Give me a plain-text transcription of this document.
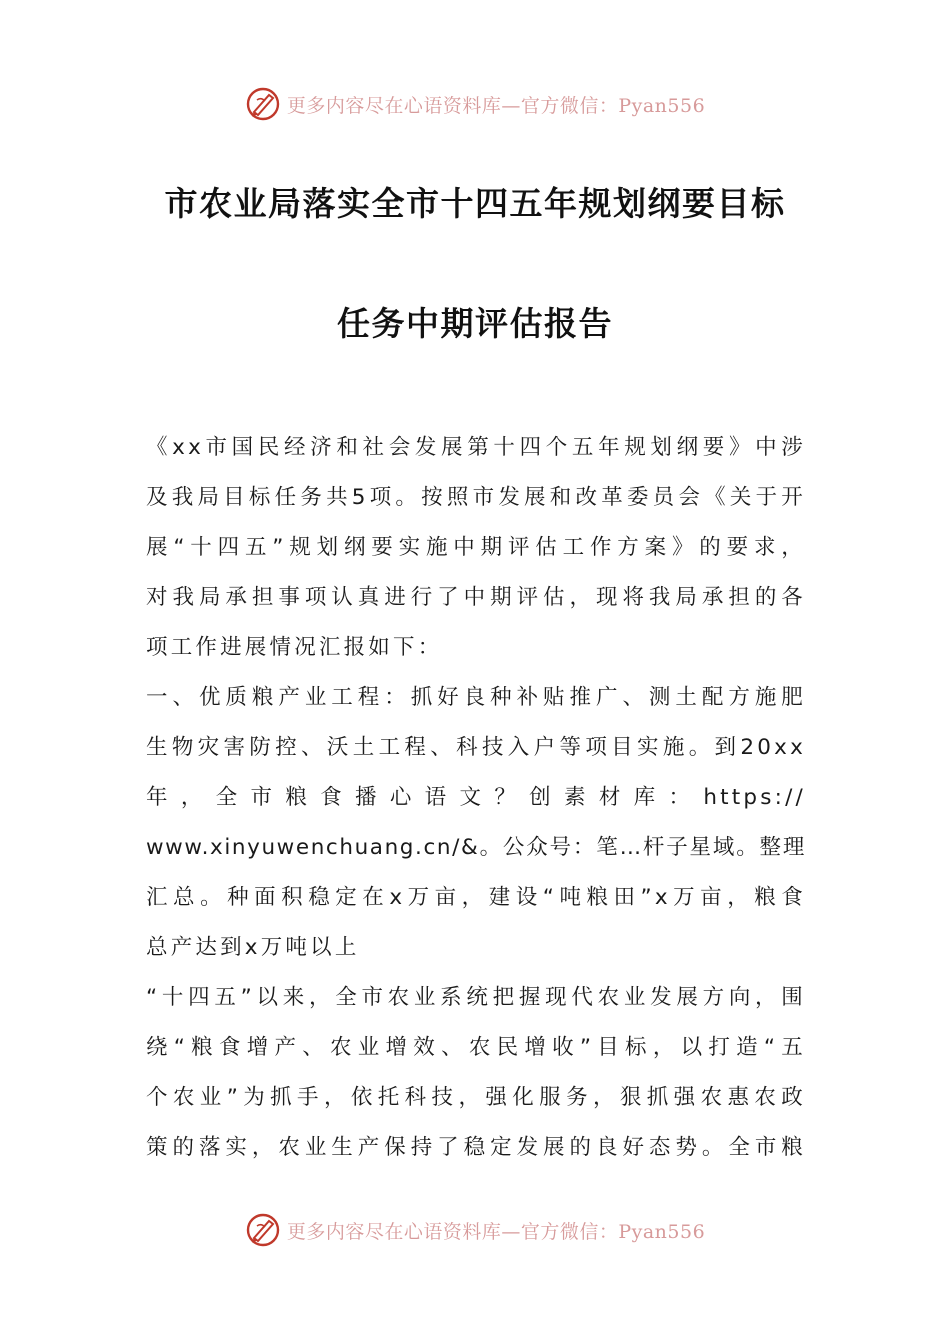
更多内容尽在心语资料库—官方微信：Pyan556
市农业局落实全市十四五年规划纲要目标
任务中期评估报告
《xx市国民经济和社会发展第十四个五年规划纲要》中涉
及我局目标任务共5项。按照市发展和改革委员会《关于开
展“十四五”规划纲要实施中期评估工作方案》的要求，
对我局承担事项认真进行了中期评估，现将我局承担的各
项工作进展情况汇报如下：
一、优质粮产业工程：抓好良种补贴推广、测土配方施肥
生物灾害防控、沃土工程、科技入户等项目实施。到20xx
年，全市粮食播心语文？创素材库：https://
www.xinyuwenchuang.cn/&。公众号：笔…杆子星域。整理
汇总。种面积稳定在x万亩，建设“吨粮田”x万亩，粮食
总产达到x万吨以上
“十四五”以来，全市农业系统把握现代农业发展方向，围
绕“粮食增产、农业增效、农民增收”目标，以打造“五
个农业”为抓手，依托科技，强化服务，狠抓强农惠农政
策的落实，农业生产保持了稳定发展的良好态势。全市粮
更多内容尽在心语资料库—官方微信：Pyan556
